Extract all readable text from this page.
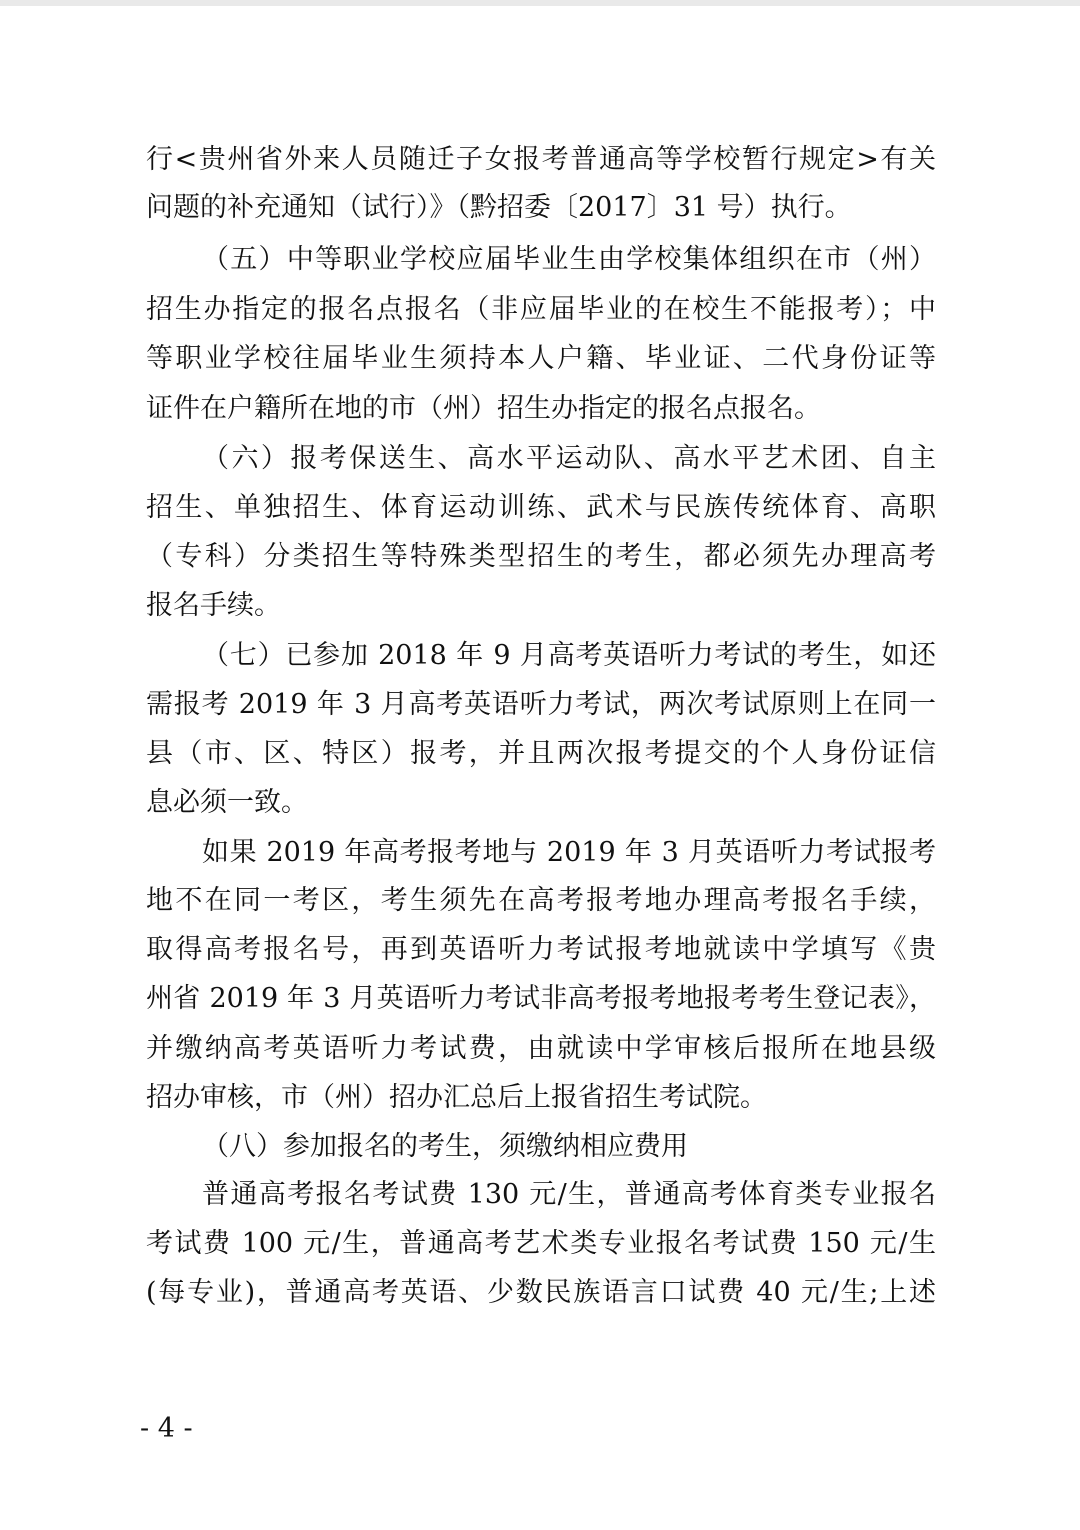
行<贵州省外来人员随迁子女报考普通高等学校暂行规定>有关
问题的补充通知（试行）》（黔招委〔2017〕31 号）执行。
（五）中等职业学校应届毕业生由学校集体组织在市（州）
招生办指定的报名点报名（非应届毕业的在校生不能报考）；中
等职业学校往届毕业生须持本人户籍、毕业证、二代身份证等
证件在户籍所在地的市（州）招生办指定的报名点报名。
（六）报考保送生、高水平运动队、高水平艺术团、自主
招生、单独招生、体育运动训练、武术与民族传统体育、高职
（专科）分类招生等特殊类型招生的考生，都必须先办理高考
报名手续。
（七）已参加 2018 年 9 月高考英语听力考试的考生，如还
需报考 2019 年 3 月高考英语听力考试，两次考试原则上在同一
县（市、区、特区）报考，并且两次报考提交的个人身份证信
息必须一致。
如果 2019 年高考报考地与 2019 年 3 月英语听力考试报考
地不在同一考区，考生须先在高考报考地办理高考报名手续，
取得高考报名号，再到英语听力考试报考地就读中学填写《贵
州省 2019 年 3 月英语听力考试非高考报考地报考考生登记表》，
并缴纳高考英语听力考试费，由就读中学审核后报所在地县级
招办审核，市（州）招办汇总后上报省招生考试院。
（八）参加报名的考生，须缴纳相应费用
普通高考报名考试费 130 元/生，普通高考体育类专业报名
考试费 100 元/生，普通高考艺术类专业报名考试费 150 元/生
(每专业)，普通高考英语、少数民族语言口试费 40 元/生;上述
- 4 -
